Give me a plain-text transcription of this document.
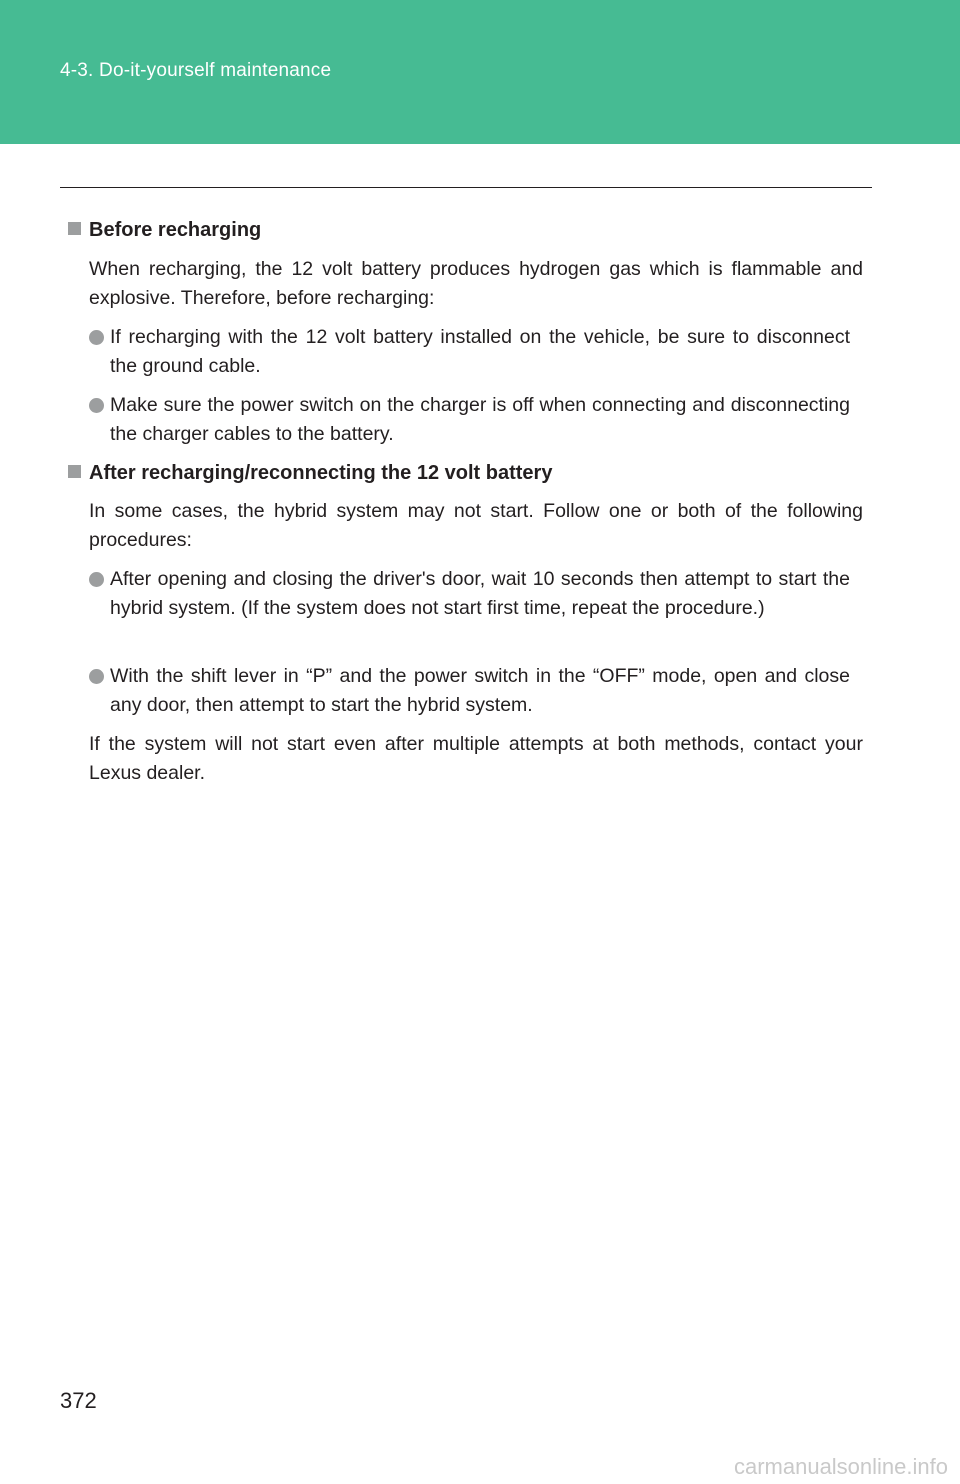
4-3. Do-it-yourself maintenance
Before recharging
When recharging, the 12 volt battery produces hydrogen gas which is flammable and explosive. Therefore, before recharging:
If recharging with the 12 volt battery installed on the vehicle, be sure to disconnect the ground cable.
Make sure the power switch on the charger is off when connecting and disconnecting the charger cables to the battery.
After recharging/reconnecting the 12 volt battery
In some cases, the hybrid system may not start. Follow one or both of the following procedures:
After opening and closing the driver's door, wait 10 seconds then attempt to start the hybrid system. (If the system does not start first time, repeat the procedure.)
With the shift lever in “P” and the power switch in the “OFF” mode, open and close any door, then attempt to start the hybrid system.
If the system will not start even after multiple attempts at both methods, contact your Lexus dealer.
372
carmanualsonline.info
